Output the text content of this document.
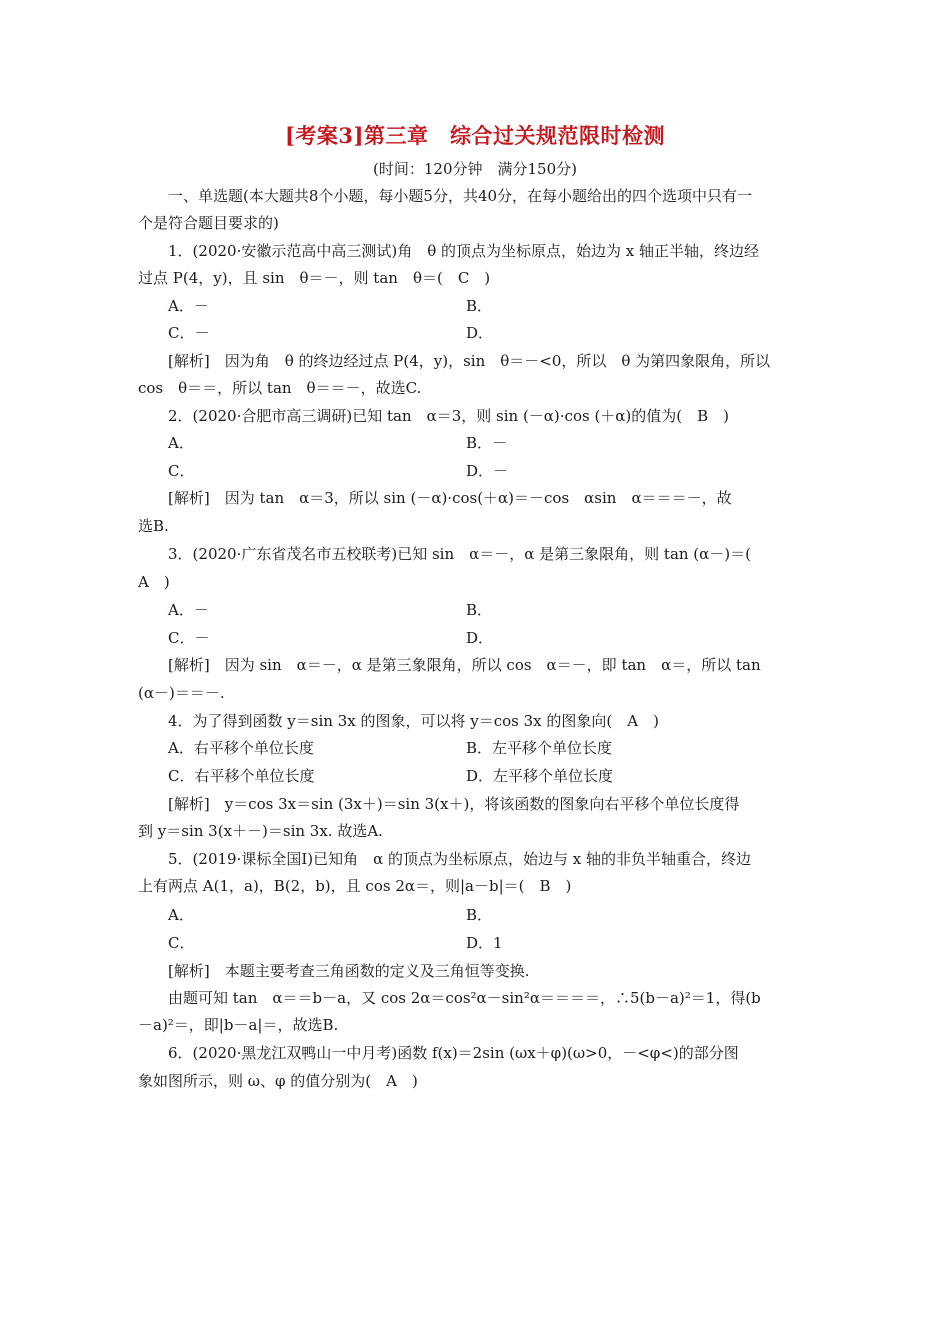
[考案3]第三章　综合过关规范限时检测
(时间：120分钟　满分150分)
一、单选题(本大题共8个小题，每小题5分，共40分，在每小题给出的四个选项中只有一
个是符合题目要求的)
1．(2020·安徽示范高中高三测试)角　θ 的顶点为坐标原点，始边为 x 轴正半轴，终边经
过点 P(4，y)，且 sin　θ＝－，则 tan　θ＝(　C　)
A．－	B．
C．－	D．
[解析]　因为角　θ 的终边经过点 P(4，y)，sin　θ＝－<0，所以　θ 为第四象限角，所以
cos　θ＝＝，所以 tan　θ＝＝－，故选C.
2．(2020·合肥市高三调研)已知 tan　α＝3，则 sin (－α)·cos (＋α)的值为(　B　)
A．	B．－
C．	D．－
[解析]　因为 tan　α＝3，所以 sin (－α)·cos(＋α)＝－cos　αsin　α＝＝＝－，故
选B.
3．(2020·广东省茂名市五校联考)已知 sin　α＝－，α 是第三象限角，则 tan (α－)＝(
A　)
A．－	B．
C．－	D．
[解析]　因为 sin　α＝－，α 是第三象限角，所以 cos　α＝－，即 tan　α＝，所以 tan
(α－)＝＝－.
4．为了得到函数 y＝sin 3x 的图象，可以将 y＝cos 3x 的图象向(　A　)
A．右平移个单位长度	B．左平移个单位长度
C．右平移个单位长度	D．左平移个单位长度
[解析]　y＝cos 3x＝sin (3x＋)＝sin 3(x＋)，将该函数的图象向右平移个单位长度得
到 y＝sin 3(x＋－)＝sin 3x. 故选A.
5．(2019·课标全国Ⅰ)已知角　α 的顶点为坐标原点，始边与 x 轴的非负半轴重合，终边
上有两点 A(1，a)，B(2，b)，且 cos 2α＝，则|a－b|＝(　B　)
A．	B．
C．	D．1
[解析]　本题主要考查三角函数的定义及三角恒等变换.
由题可知 tan　α＝＝b－a，又 cos 2α＝cos²α－sin²α＝＝＝＝，∴5(b－a)²＝1，得(b
－a)²＝，即|b－a|＝，故选B.
6．(2020·黑龙江双鸭山一中月考)函数 f(x)＝2sin (ωx＋φ)(ω>0，－<φ<)的部分图
象如图所示，则 ω、φ 的值分别为(　A　)
